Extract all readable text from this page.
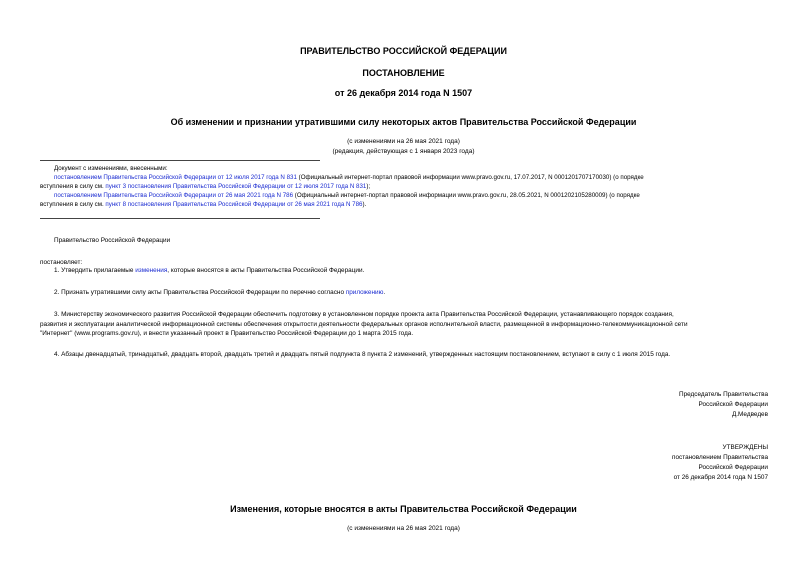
ПРАВИТЕЛЬСТВО РОССИЙСКОЙ ФЕДЕРАЦИИ
ПОСТАНОВЛЕНИЕ
от 26 декабря 2014 года N 1507
Об изменении и признании утратившими силу некоторых актов Правительства Российской Федерации
(с изменениями на 26 мая 2021 года)
(редакция, действующая с 1 января 2023 года)
Документ с изменениями, внесенными:
постановлением Правительства Российской Федерации от 12 июля 2017 года N 831 (Официальный интернет-портал правовой информации www.pravo.gov.ru, 17.07.2017, N 0001201707170030) (о порядке
вступления в силу см. пункт 3 постановления Правительства Российской Федерации от 12 июля 2017 года N 831);
постановлением Правительства Российской Федерации от 26 мая 2021 года N 786 (Официальный интернет-портал правовой информации www.pravo.gov.ru, 28.05.2021, N 0001202105280009) (о порядке
вступления в силу см. пункт 8 постановления Правительства Российской Федерации от 26 мая 2021 года N 786).
Правительство Российской Федерации
постановляет:
1. Утвердить прилагаемые изменения, которые вносятся в акты Правительства Российской Федерации.
2. Признать утратившими силу акты Правительства Российской Федерации по перечню согласно приложению.
3. Министерству экономического развития Российской Федерации обеспечить подготовку в установленном порядке проекта акта Правительства Российской Федерации, устанавливающего порядок создания,
развития и эксплуатации аналитической информационной системы обеспечения открытости деятельности федеральных органов исполнительной власти, размещенной в информационно-телекоммуникационной сети
"Интернет" (www.programs.gov.ru), и внести указанный проект в Правительство Российской Федерации до 1 марта 2015 года.
4. Абзацы двенадцатый, тринадцатый, двадцать второй, двадцать третий и двадцать пятый подпункта 8 пункта 2 изменений, утвержденных настоящим постановлением, вступают в силу с 1 июля 2015 года.
Председатель Правительства
Российской Федерации
Д.Медведев
УТВЕРЖДЕНЫ
постановлением Правительства
Российской Федерации
от 26 декабря 2014 года N 1507
Изменения, которые вносятся в акты Правительства Российской Федерации
(с изменениями на 26 мая 2021 года)
